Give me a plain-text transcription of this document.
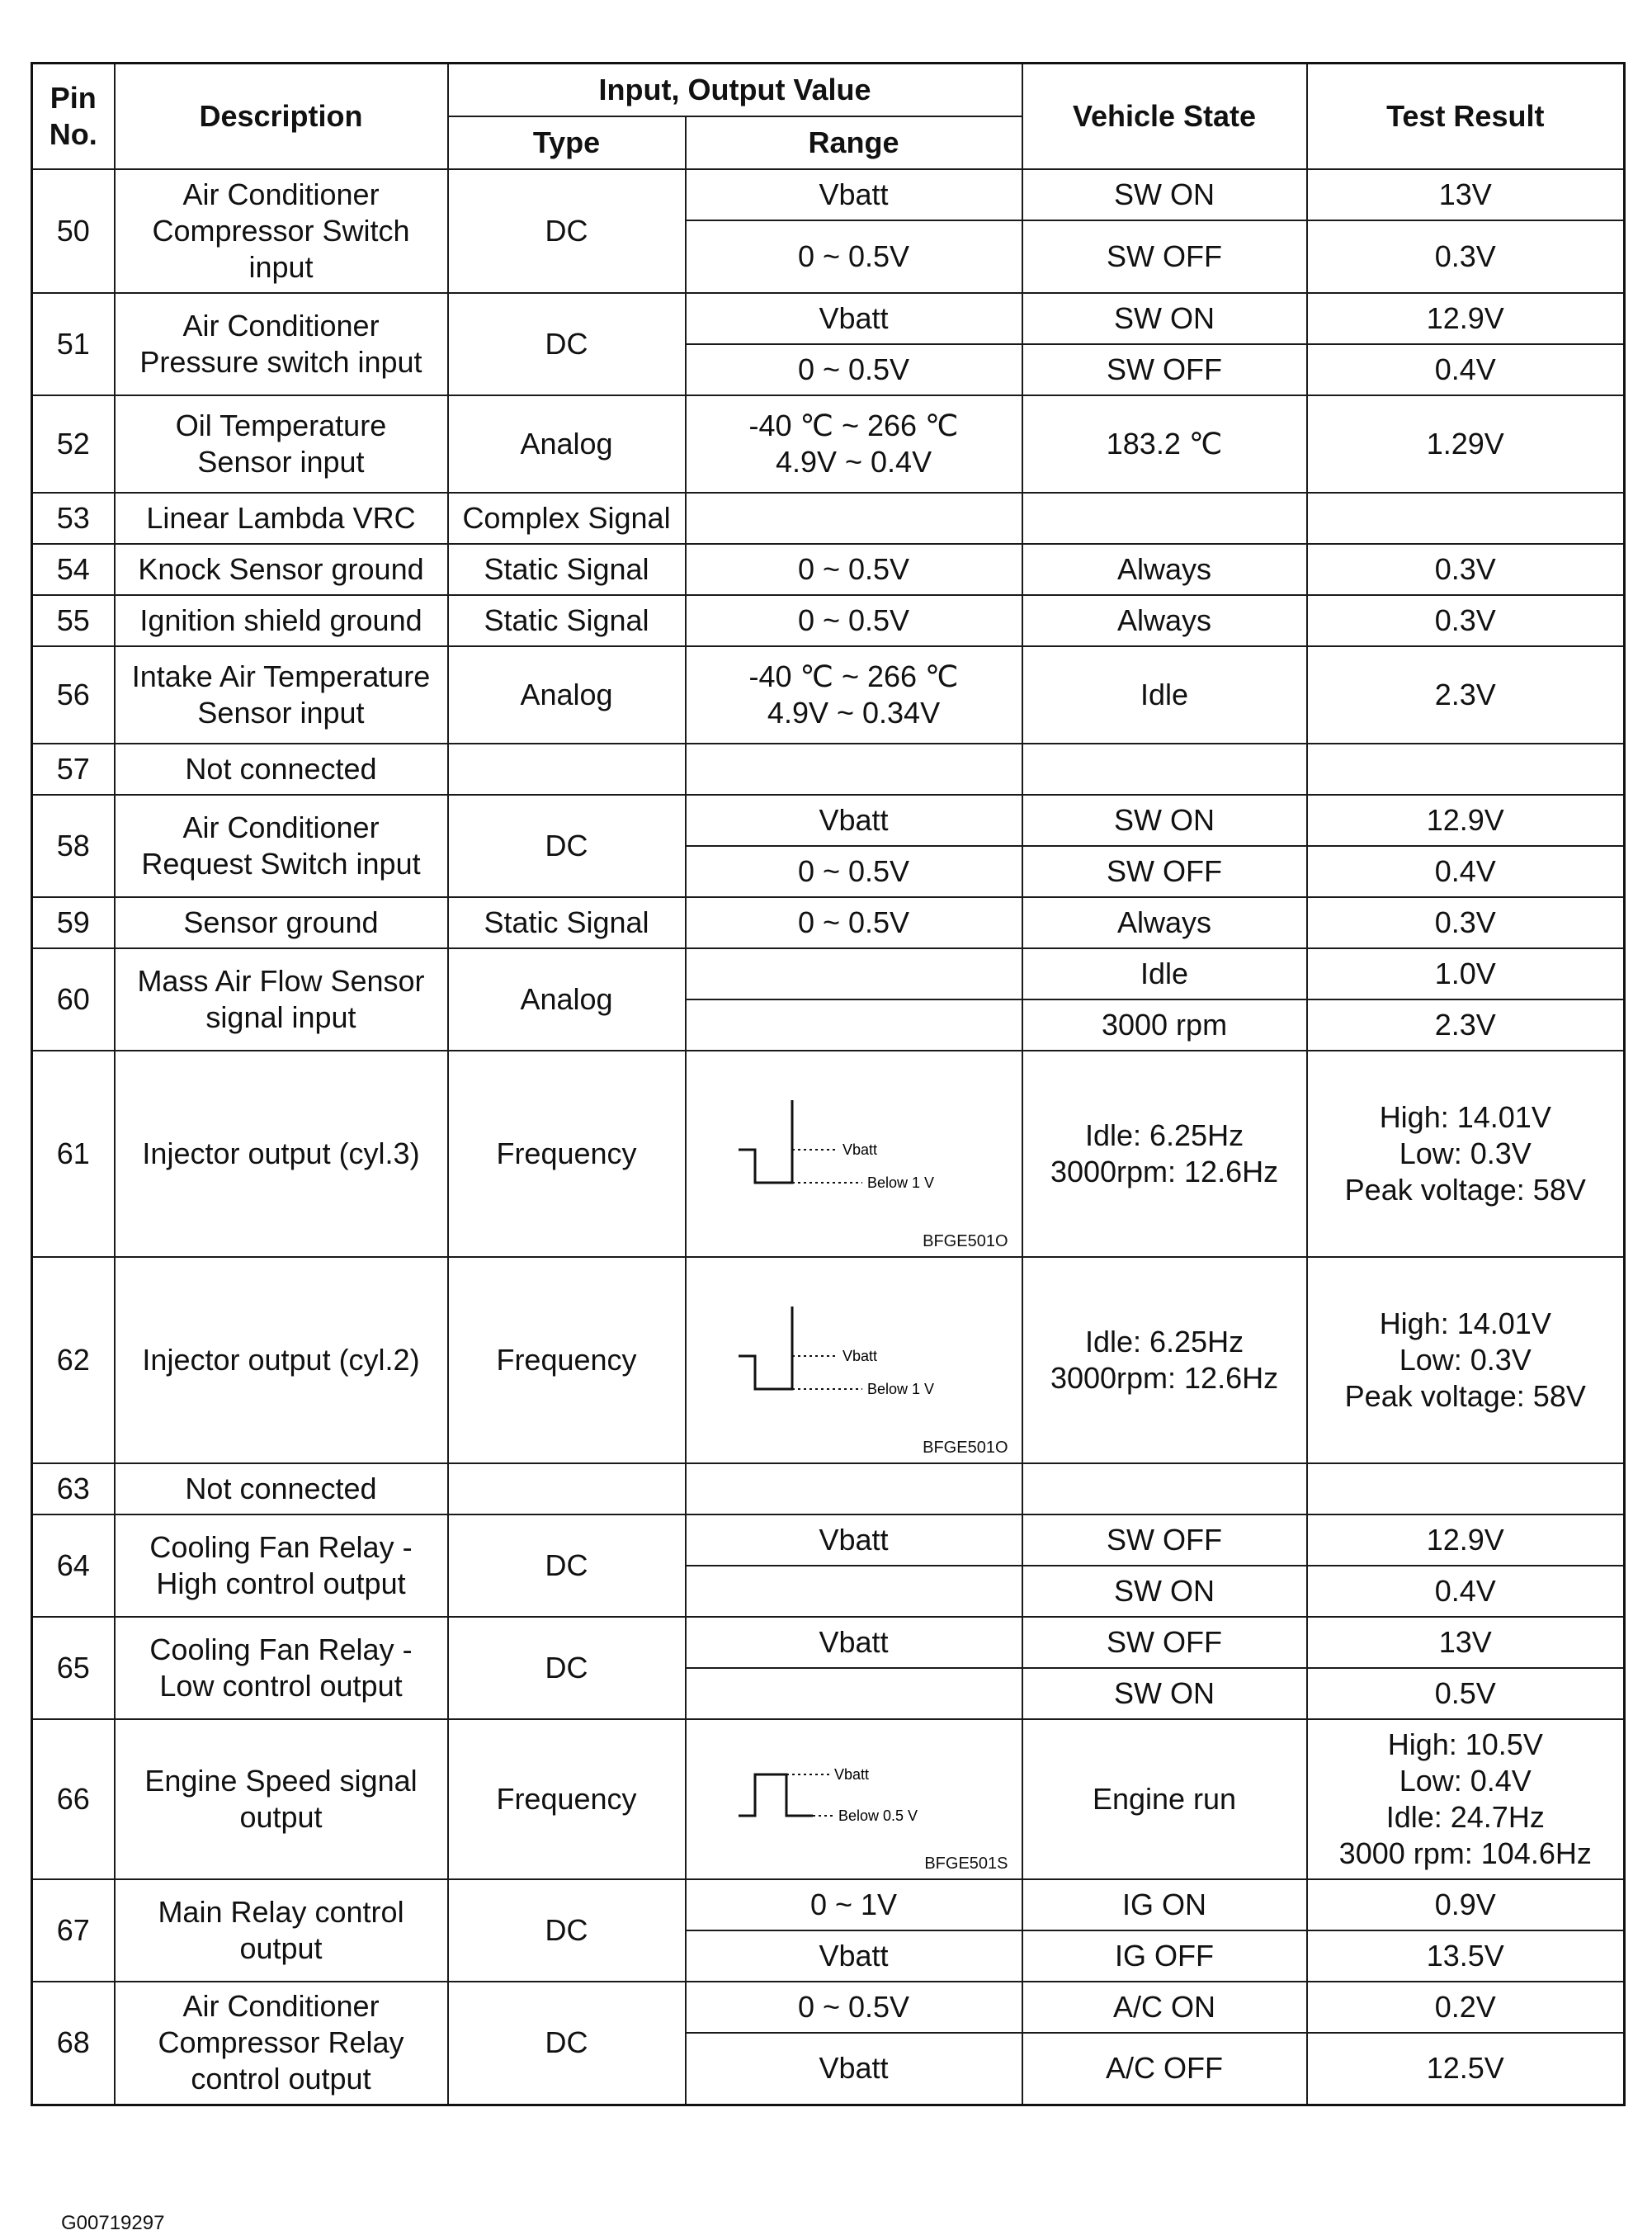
Pin
No.	Description	Input, Output Value		Vehicle State	Test Result
		Type	Range		
50	Air Conditioner
Compressor Switch
input	DC	Vbatt	SW ON	13V
			0 ~ 0.5V	SW OFF	0.3V
51	Air Conditioner
Pressure switch input	DC	Vbatt	SW ON	12.9V
			0 ~ 0.5V	SW OFF	0.4V
52	Oil Temperature
Sensor input	Analog	-40 ℃ ~ 266 ℃
4.9V ~ 0.4V	183.2 ℃	1.29V
53	Linear Lambda VRC	Complex Signal			
54	Knock Sensor ground	Static Signal	0 ~ 0.5V	Always	0.3V
55	Ignition shield ground	Static Signal	0 ~ 0.5V	Always	0.3V
56	Intake Air Temperature
Sensor input	Analog	-40 ℃ ~ 266 ℃
4.9V ~ 0.34V	Idle	2.3V
57	Not connected				
58	Air Conditioner
Request Switch input	DC	Vbatt	SW ON	12.9V
			0 ~ 0.5V	SW OFF	0.4V
59	Sensor ground	Static Signal	0 ~ 0.5V	Always	0.3V
60	Mass Air Flow Sensor
signal input	Analog		Idle	1.0V
				3000 rpm	2.3V
61	Injector output (cyl.3)	Frequency	Vbatt
Below 1 V
BFGE501O	Idle: 6.25Hz
3000rpm: 12.6Hz	High: 14.01V
Low: 0.3V
Peak voltage: 58V
62	Injector output (cyl.2)	Frequency	Vbatt
Below 1 V
BFGE501O	Idle: 6.25Hz
3000rpm: 12.6Hz	High: 14.01V
Low: 0.3V
Peak voltage: 58V
63	Not connected				
64	Cooling Fan Relay -
High control output	DC	Vbatt	SW OFF	12.9V
				SW ON	0.4V
65	Cooling Fan Relay -
Low control output	DC	Vbatt	SW OFF	13V
				SW ON	0.5V
66	Engine Speed signal
output	Frequency	Vbatt
Below 0.5 V
BFGE501S	Engine run	High: 10.5V
Low: 0.4V
Idle: 24.7Hz
3000 rpm: 104.6Hz
67	Main Relay control
output	DC	0 ~ 1V	IG ON	0.9V
			Vbatt	IG OFF	13.5V
68	Air Conditioner
Compressor Relay
control output	DC	0 ~ 0.5V	A/C ON	0.2V
			Vbatt	A/C OFF	12.5V
G00719297
